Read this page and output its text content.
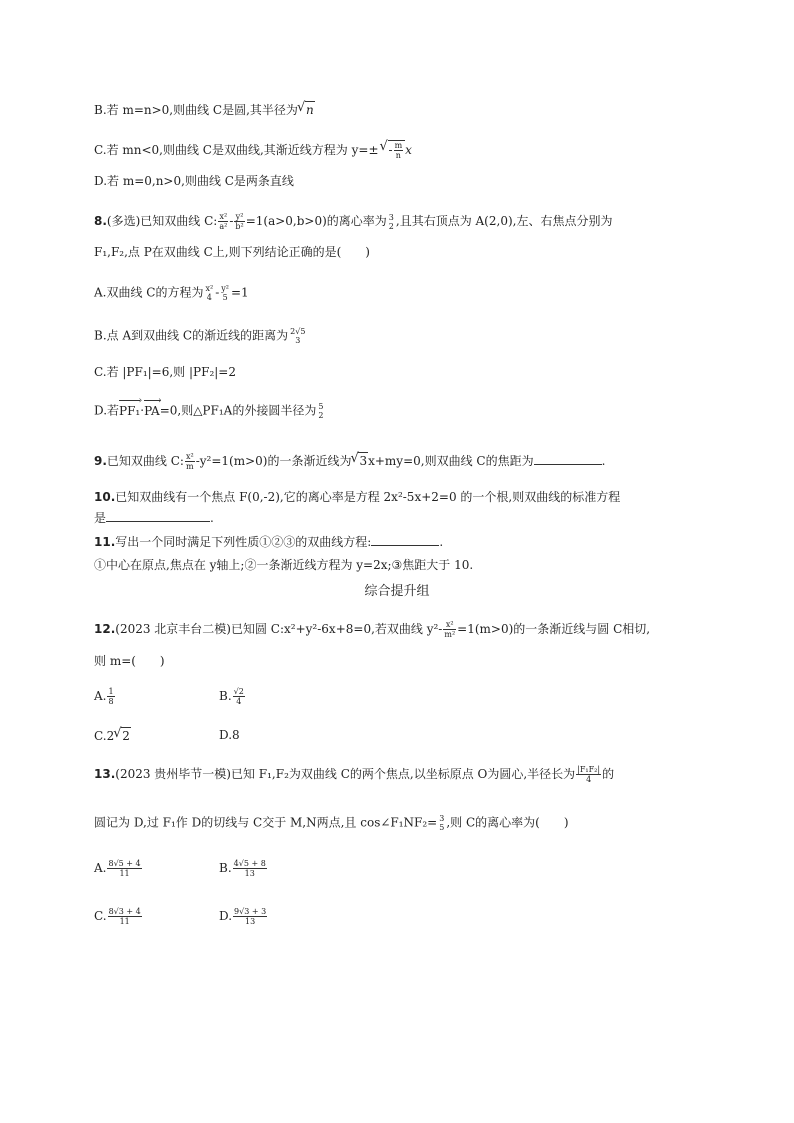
B.若 m=n>0,则曲线 C是圆,其半径为√ n
C.若 mn<0,则曲线 C是双曲线,其渐近线方程为 $y=\pm√ - \frac{m}{n}$ x
D.若 m=0,n>0,则曲线 C是两条直线
8.(多选)已知双曲线 C: $\frac{\text{x²}}{\text{a²}} - \frac{\text{y²}}{\text{b²}} =1(a>0,b>0)$的离心率为 3
2 ,且其右顶点为 A(2,0),左、右焦点分别为
F₁,F₂,点 P在双曲线 C上,则下列结论正确的是(　　)
A.双曲线 C的方程为 x²
4 - y²
5 =1
B.点 A到双曲线 C的渐近线的距离为 2√5
3
C.若 |PF₁|=6,则 |PF₂|=2
D.若PF₁ ›·PA ›=0,则△PF₁A的外接圆半径为 5
2
9.已知双曲线 C: $\frac{\text{x²}}{m} -y^2=1(m>0)$的一条渐近线为√ 3x+my=0,则双曲线 C的焦距为	.
10.已知双曲线有一个焦点 F(0,-2),它的离心率是方程 2x²-5x+2=0 的一个根,则双曲线的标准方程
是	.
11.写出一个同时满足下列性质①②③的双曲线方程:	.
①中心在原点,焦点在 y轴上;②一条渐近线方程为 y=2x;③焦距大于 10.
综合提升组
12.(2023 北京丰台二模)已知圆 C:x²+y²-6x+8=0,若双曲线 $y^2- \frac{\text{x²}}{\text{m²}} =1(m>0)$的一条渐近线与圆 C相切,
则 m=(　　)
A. $\frac{1}{8}$	B. $\frac{√2}{4}$
C.2√ 2	D.8
13.(2023 贵州毕节一模)已知 F₁,F₂为双曲线 C的两个焦点,以坐标原点 O为圆心,半径长为 $\frac{\text{|F₁F₂|}}{4}$ 的
圆记为 D,过 F₁作 D的切线与 C交于 M,N两点,且 cos∠F₁NF₂= 3
5 ,则 C的离心率为(　　)
A. $\frac{8√5 + 4}{11}$	B. $\frac{4√5 + 8}{13}$
C. $\frac{8√3 + 4}{11}$	D. $\frac{9√3 + 3}{13}$
